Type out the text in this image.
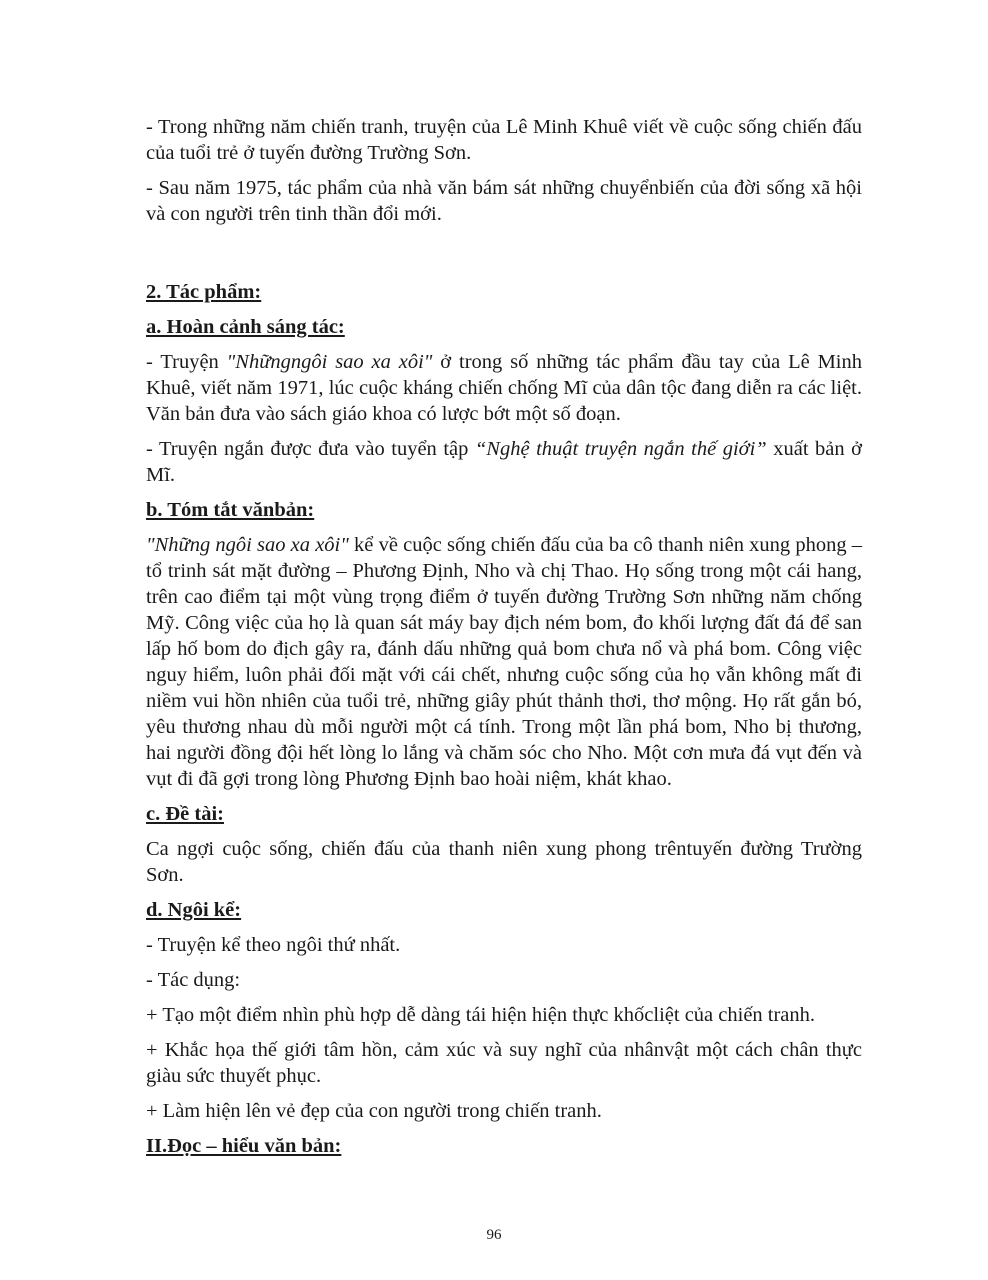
- Trong những năm chiến tranh, truyện của Lê Minh Khuê viết về cuộc sống chiến đấu của tuổi trẻ ở tuyến đường Trường Sơn.

- Sau năm 1975, tác phẩm của nhà văn bám sát những chuyểnbiến của đời sống xã hội và con người trên tinh thần đổi mới.

2. Tác phẩm:
a. Hoàn cảnh sáng tác:

- Truyện "Nhữngngôi sao xa xôi" ở trong số những tác phẩm đầu tay của Lê Minh Khuê, viết năm 1971, lúc cuộc kháng chiến chống Mĩ của dân tộc đang diễn ra các liệt. Văn bản đưa vào sách giáo khoa có lược bớt một số đoạn.

- Truyện ngắn được đưa vào tuyển tập “Nghệ thuật truyện ngắn thế giới” xuất bản ở Mĩ.

b. Tóm tắt vănbản:

"Những ngôi sao xa xôi" kể về cuộc sống chiến đấu của ba cô thanh niên xung phong – tổ trinh sát mặt đường – Phương Định, Nho và chị Thao. Họ sống trong một cái hang, trên cao điểm tại một vùng trọng điểm ở tuyến đường Trường Sơn những năm chống Mỹ. Công việc của họ là quan sát máy bay địch ném bom, đo khối lượng đất đá để san lấp hố bom do địch gây ra, đánh dấu những quả bom chưa nổ và phá bom. Công việc nguy hiểm, luôn phải đối mặt với cái chết, nhưng cuộc sống của họ vẫn không mất đi niềm vui hồn nhiên của tuổi trẻ, những giây phút thảnh thơi, thơ mộng. Họ rất gắn bó, yêu thương nhau dù mỗi người một cá tính. Trong một lần phá bom, Nho bị thương, hai người đồng đội hết lòng lo lắng và chăm sóc cho Nho. Một cơn mưa đá vụt đến và vụt đi đã gợi trong lòng Phương Định bao hoài niệm, khát khao.

c. Đề tài:

Ca ngợi cuộc sống, chiến đấu của thanh niên xung phong trêntuyến đường Trường Sơn.

d. Ngôi kể:

- Truyện kể theo ngôi thứ nhất.

- Tác dụng:

+ Tạo một điểm nhìn phù hợp dễ dàng tái hiện hiện thực khốcliệt của chiến tranh.

+ Khắc họa thế giới tâm hồn, cảm xúc và suy nghĩ của nhânvật một cách chân thực giàu sức thuyết phục.

+ Làm hiện lên vẻ đẹp của con người trong chiến tranh.

II.Đọc – hiểu văn bản:
96
